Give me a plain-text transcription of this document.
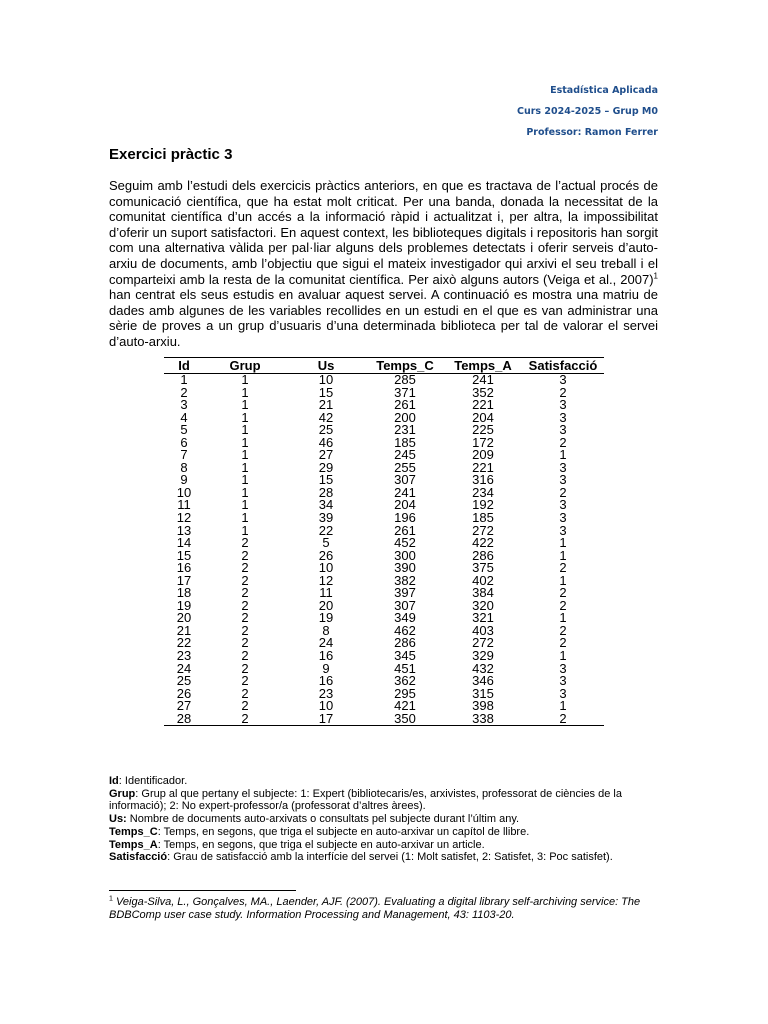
Estadística Aplicada
Curs 2024-2025 – Grup M0
Professor: Ramon Ferrer
Exercici pràctic 3

Seguim amb l’estudi dels exercicis pràctics anteriors, en que es tractava de l’actual procés de comunicació científica, que ha estat molt criticat. Per una banda, donada la necessitat de la comunitat científica d’un accés a la informació ràpid i actualitzat i, per altra, la impossibilitat d’oferir un suport satisfactori. En aquest context, les biblioteques digitals i repositoris han sorgit com una alternativa vàlida per pal·liar alguns dels problemes detectats i oferir serveis d’auto-arxiu de documents, amb l’objectiu que sigui el mateix investigador qui arxivi el seu treball i el comparteixi amb la resta de la comunitat científica. Per això alguns autors (Veiga et al., 2007)$^1$ han centrat els seus estudis en avaluar aquest servei. A continuació es mostra una matriu de dades amb algunes de les variables recollides en un estudi en el que es van administrar una sèrie de proves a un grup d’usuaris d’una determinada biblioteca per tal de valorar el servei d’auto-arxiu.

Id	Grup	Us	Temps_C	Temps_A	Satisfacció
1	1	10	285	241	3
2	1	15	371	352	2
3	1	21	261	221	3
4	1	42	200	204	3
5	1	25	231	225	3
6	1	46	185	172	2
7	1	27	245	209	1
8	1	29	255	221	3
9	1	15	307	316	3
10	1	28	241	234	2
11	1	34	204	192	3
12	1	39	196	185	3
13	1	22	261	272	3
14	2	5	452	422	1
15	2	26	300	286	1
16	2	10	390	375	2
17	2	12	382	402	1
18	2	11	397	384	2
19	2	20	307	320	2
20	2	19	349	321	1
21	2	8	462	403	2
22	2	24	286	272	2
23	2	16	345	329	1
24	2	9	451	432	3
25	2	16	362	346	3
26	2	23	295	315	3
27	2	10	421	398	1
28	2	17	350	338	2

Id: Identificador.

Grup: Grup al que pertany el subjecte: 1: Expert (bibliotecaris/es, arxivistes, professorat de ciències de la informació); 2: No expert-professor/a (professorat d’altres àrees).

Us: Nombre de documents auto-arxivats o consultats pel subjecte durant l’últim any.

Temps_C: Temps, en segons, que triga el subjecte en auto-arxivar un capítol de llibre.

Temps_A: Temps, en segons, que triga el subjecte en auto-arxivar un article.

Satisfacció: Grau de satisfacció amb la interfície del servei (1: Molt satisfet, 2: Satisfet, 3: Poc satisfet).

$^1$ Veiga-Silva, L., Gonçalves, MA., Laender, AJF. (2007). Evaluating a digital library self-archiving service: The BDBComp user case study. Information Processing and Management, 43: 1103-20.
